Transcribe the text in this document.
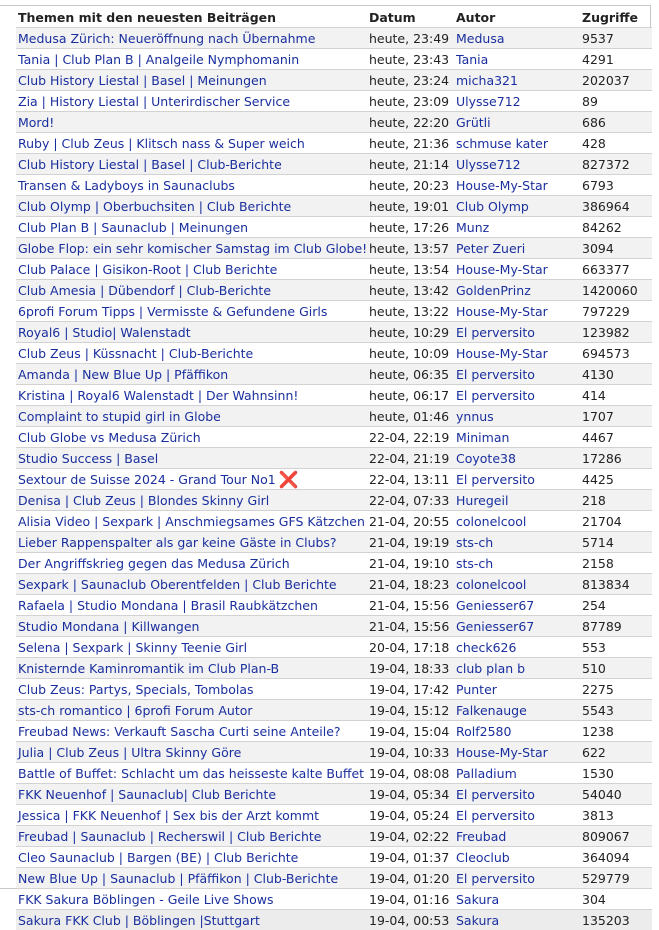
Themen mit den neuesten Beiträgen	Datum	Autor	Zugriffe
Medusa Zürich: Neueröffnung nach Übernahme	heute, 23:49	Medusa	9537
Tania | Club Plan B | Analgeile Nymphomanin	heute, 23:43	Tania	4291
Club History Liestal | Basel | Meinungen	heute, 23:24	micha321	202037
Zia | History Liestal | Unterirdischer Service	heute, 23:09	Ulysse712	89
Mord!	heute, 22:20	Grütli	686
Ruby | Club Zeus | Klitsch nass & Super weich	heute, 21:36	schmuse kater	428
Club History Liestal | Basel | Club-Berichte	heute, 21:14	Ulysse712	827372
Transen & Ladyboys in Saunaclubs	heute, 20:23	House-My-Star	6793
Club Olymp | Oberbuchsiten | Club Berichte	heute, 19:01	Club Olymp	386964
Club Plan B | Saunaclub | Meinungen	heute, 17:26	Munz	84262
Globe Flop: ein sehr komischer Samstag im Club Globe!	heute, 13:57	Peter Zueri	3094
Club Palace | Gisikon-Root | Club Berichte	heute, 13:54	House-My-Star	663377
Club Amesia | Dübendorf | Club-Berichte	heute, 13:42	GoldenPrinz	1420060
6profi Forum Tipps | Vermisste & Gefundene Girls	heute, 13:22	House-My-Star	797229
Royal6 | Studio| Walenstadt	heute, 10:29	El perversito	123982
Club Zeus | Küssnacht | Club-Berichte	heute, 10:09	House-My-Star	694573
Amanda | New Blue Up | Pfäffikon	heute, 06:35	El perversito	4130
Kristina | Royal6 Walenstadt | Der Wahnsinn!	heute, 06:17	El perversito	414
Complaint to stupid girl in Globe	heute, 01:46	ynnus	1707
Club Globe vs Medusa Zürich	22-04, 22:19	Miniman	4467
Studio Success | Basel	22-04, 21:19	Coyote38	17286
Sextour de Suisse 2024 - Grand Tour No1 ❌	22-04, 13:11	El perversito	4425
Denisa | Club Zeus | Blondes Skinny Girl	22-04, 07:33	Huregeil	218
Alisia Video | Sexpark | Anschmiegsames GFS Kätzchen	21-04, 20:55	colonelcool	21704
Lieber Rappenspalter als gar keine Gäste in Clubs?	21-04, 19:19	sts-ch	5714
Der Angriffskrieg gegen das Medusa Zürich	21-04, 19:10	sts-ch	2158
Sexpark | Saunaclub Oberentfelden | Club Berichte	21-04, 18:23	colonelcool	813834
Rafaela | Studio Mondana | Brasil Raubkätzchen	21-04, 15:56	Geniesser67	254
Studio Mondana | Killwangen	21-04, 15:56	Geniesser67	87789
Selena | Sexpark | Skinny Teenie Girl	20-04, 17:18	check626	553
Knisternde Kaminromantik im Club Plan-B	19-04, 18:33	club plan b	510
Club Zeus: Partys, Specials, Tombolas	19-04, 17:42	Punter	2275
sts-ch romantico | 6profi Forum Autor	19-04, 15:12	Falkenauge	5543
Freubad News: Verkauft Sascha Curti seine Anteile?	19-04, 15:04	Rolf2580	1238
Julia | Club Zeus | Ultra Skinny Göre	19-04, 10:33	House-My-Star	622
Battle of Buffet: Schlacht um das heisseste kalte Buffet	19-04, 08:08	Palladium	1530
FKK Neuenhof | Saunaclub| Club Berichte	19-04, 05:34	El perversito	54040
Jessica | FKK Neuenhof | Sex bis der Arzt kommt	19-04, 05:24	El perversito	3813
Freubad | Saunaclub | Recherswil | Club Berichte	19-04, 02:22	Freubad	809067
Cleo Saunaclub | Bargen (BE) | Club Berichte	19-04, 01:37	Cleoclub	364094
New Blue Up | Saunaclub | Pfäffikon | Club-Berichte	19-04, 01:20	El perversito	529779
FKK Sakura Böblingen - Geile Live Shows	19-04, 01:16	Sakura	304
Sakura FKK Club | Böblingen |Stuttgart	19-04, 00:53	Sakura	135203
